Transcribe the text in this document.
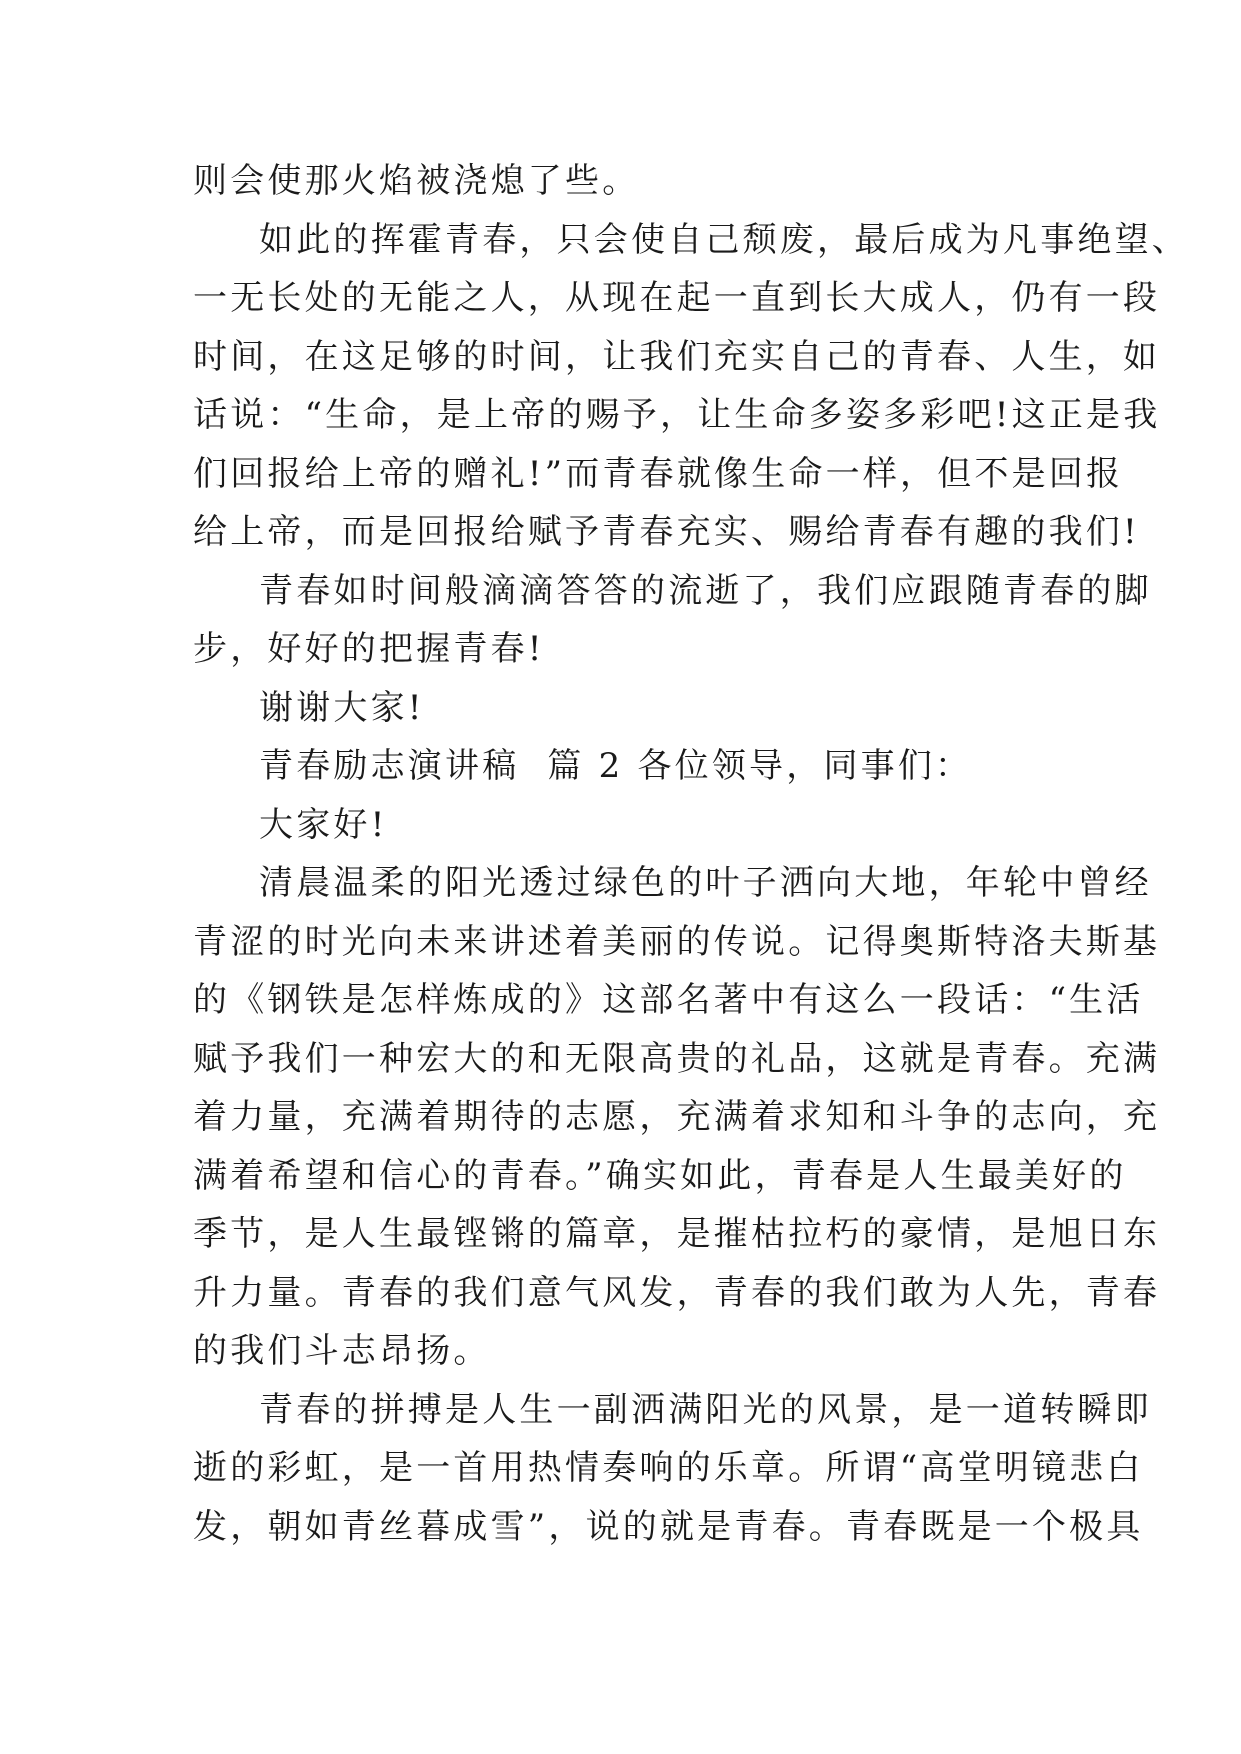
则会使那火焰被浇熄了些。
如此的挥霍青春，只会使自己颓废，最后成为凡事绝望、
一无长处的无能之人，从现在起一直到长大成人，仍有一段
时间，在这足够的时间，让我们充实自己的青春、人生，如
话说：“生命，是上帝的赐予，让生命多姿多彩吧!这正是我
们回报给上帝的赠礼!”而青春就像生命一样，但不是回报
给上帝，而是回报给赋予青春充实、赐给青春有趣的我们!
青春如时间般滴滴答答的流逝了，我们应跟随青春的脚
步，好好的把握青春!
谢谢大家!
青春励志演讲稿  篇 2 各位领导，同事们：
大家好!
清晨温柔的阳光透过绿色的叶子洒向大地，年轮中曾经
青涩的时光向未来讲述着美丽的传说。记得奥斯特洛夫斯基
的《钢铁是怎样炼成的》这部名著中有这么一段话：“生活
赋予我们一种宏大的和无限高贵的礼品，这就是青春。充满
着力量，充满着期待的志愿，充满着求知和斗争的志向，充
满着希望和信心的青春。”确实如此，青春是人生最美好的
季节，是人生最铿锵的篇章，是摧枯拉朽的豪情，是旭日东
升力量。青春的我们意气风发，青春的我们敢为人先，青春
的我们斗志昂扬。
青春的拼搏是人生一副洒满阳光的风景，是一道转瞬即
逝的彩虹，是一首用热情奏响的乐章。所谓“高堂明镜悲白
发，朝如青丝暮成雪”，说的就是青春。青春既是一个极具
